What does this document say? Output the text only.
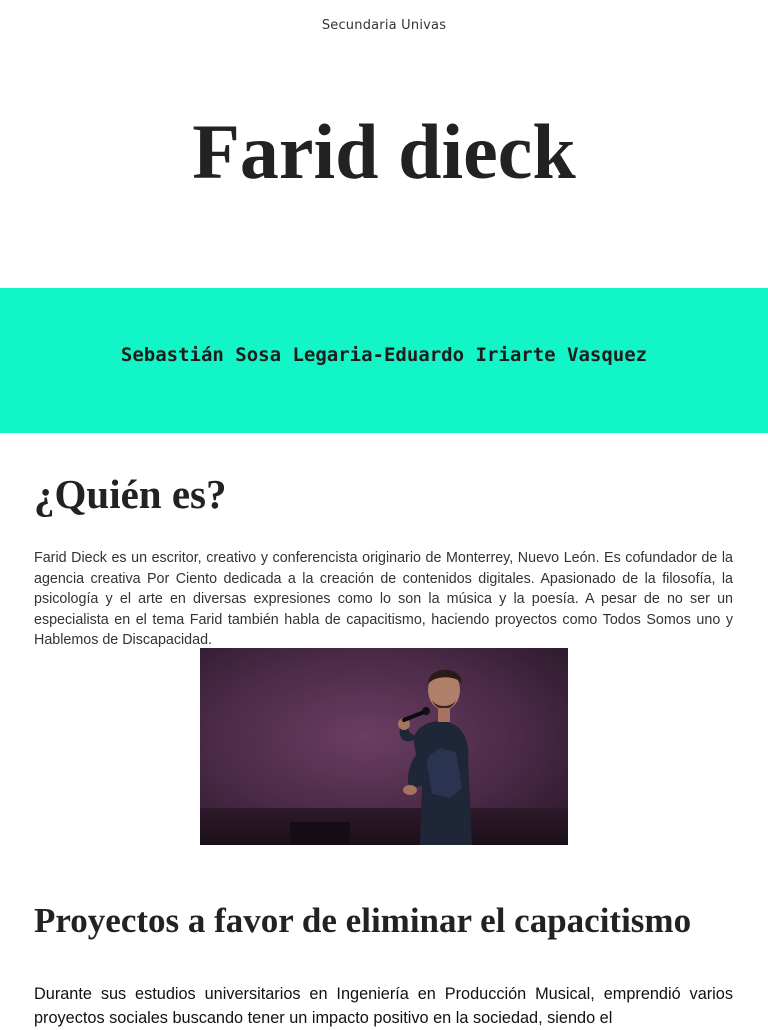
Secundaria Univas
Farid dieck
Sebastián Sosa Legaria-Eduardo Iriarte Vasquez
¿Quién es?

Farid Dieck es un escritor, creativo y conferencista originario de Monterrey, Nuevo León. Es cofundador de la agencia creativa Por Ciento dedicada a la creación de contenidos digitales. Apasionado de la filosofía, la psicología y el arte en diversas expresiones como lo son la música y la poesía. A pesar de no ser un especialista en el tema Farid también habla de capacitismo, haciendo proyectos como Todos Somos uno y Hablemos de Discapacidad.

Proyectos a favor de eliminar el capacitismo

Durante sus estudios universitarios en Ingeniería en Producción Musical, emprendió varios proyectos sociales buscando tener un impacto positivo en la sociedad, siendo el
